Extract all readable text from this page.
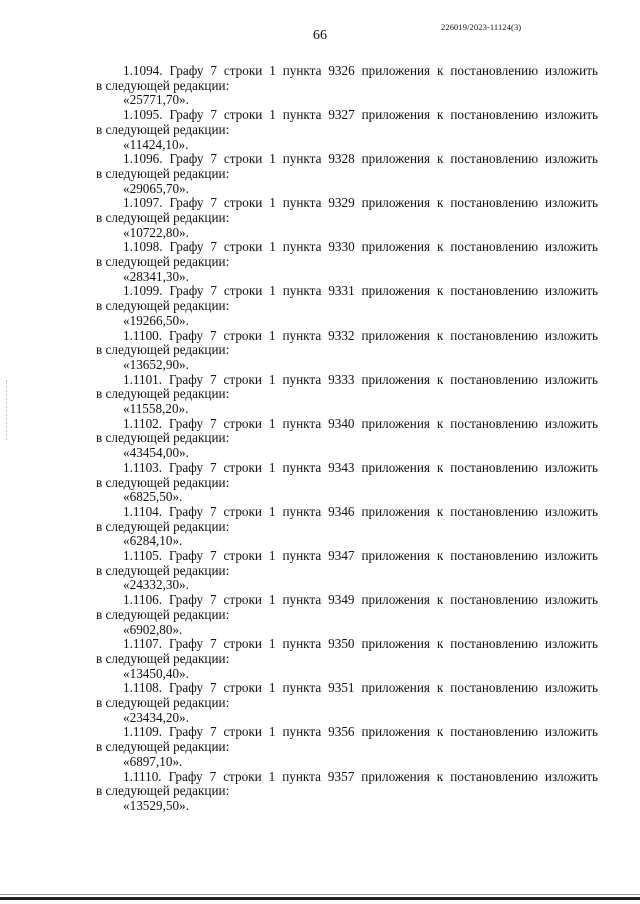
226019/2023-11124(3)
66
1.1094. Графу 7 строки 1 пункта 9326 приложения к постановлению изложить
в следующей редакции:
«25771,70».
1.1095. Графу 7 строки 1 пункта 9327 приложения к постановлению изложить
в следующей редакции:
«11424,10».
1.1096. Графу 7 строки 1 пункта 9328 приложения к постановлению изложить
в следующей редакции:
«29065,70».
1.1097. Графу 7 строки 1 пункта 9329 приложения к постановлению изложить
в следующей редакции:
«10722,80».
1.1098. Графу 7 строки 1 пункта 9330 приложения к постановлению изложить
в следующей редакции:
«28341,30».
1.1099. Графу 7 строки 1 пункта 9331 приложения к постановлению изложить
в следующей редакции:
«19266,50».
1.1100. Графу 7 строки 1 пункта 9332 приложения к постановлению изложить
в следующей редакции:
«13652,90».
1.1101. Графу 7 строки 1 пункта 9333 приложения к постановлению изложить
в следующей редакции:
«11558,20».
1.1102. Графу 7 строки 1 пункта 9340 приложения к постановлению изложить
в следующей редакции:
«43454,00».
1.1103. Графу 7 строки 1 пункта 9343 приложения к постановлению изложить
в следующей редакции:
«6825,50».
1.1104. Графу 7 строки 1 пункта 9346 приложения к постановлению изложить
в следующей редакции:
«6284,10».
1.1105. Графу 7 строки 1 пункта 9347 приложения к постановлению изложить
в следующей редакции:
«24332,30».
1.1106. Графу 7 строки 1 пункта 9349 приложения к постановлению изложить
в следующей редакции:
«6902,80».
1.1107. Графу 7 строки 1 пункта 9350 приложения к постановлению изложить
в следующей редакции:
«13450,40».
1.1108. Графу 7 строки 1 пункта 9351 приложения к постановлению изложить
в следующей редакции:
«23434,20».
1.1109. Графу 7 строки 1 пункта 9356 приложения к постановлению изложить
в следующей редакции:
«6897,10».
1.1110. Графу 7 строки 1 пункта 9357 приложения к постановлению изложить
в следующей редакции:
«13529,50».
